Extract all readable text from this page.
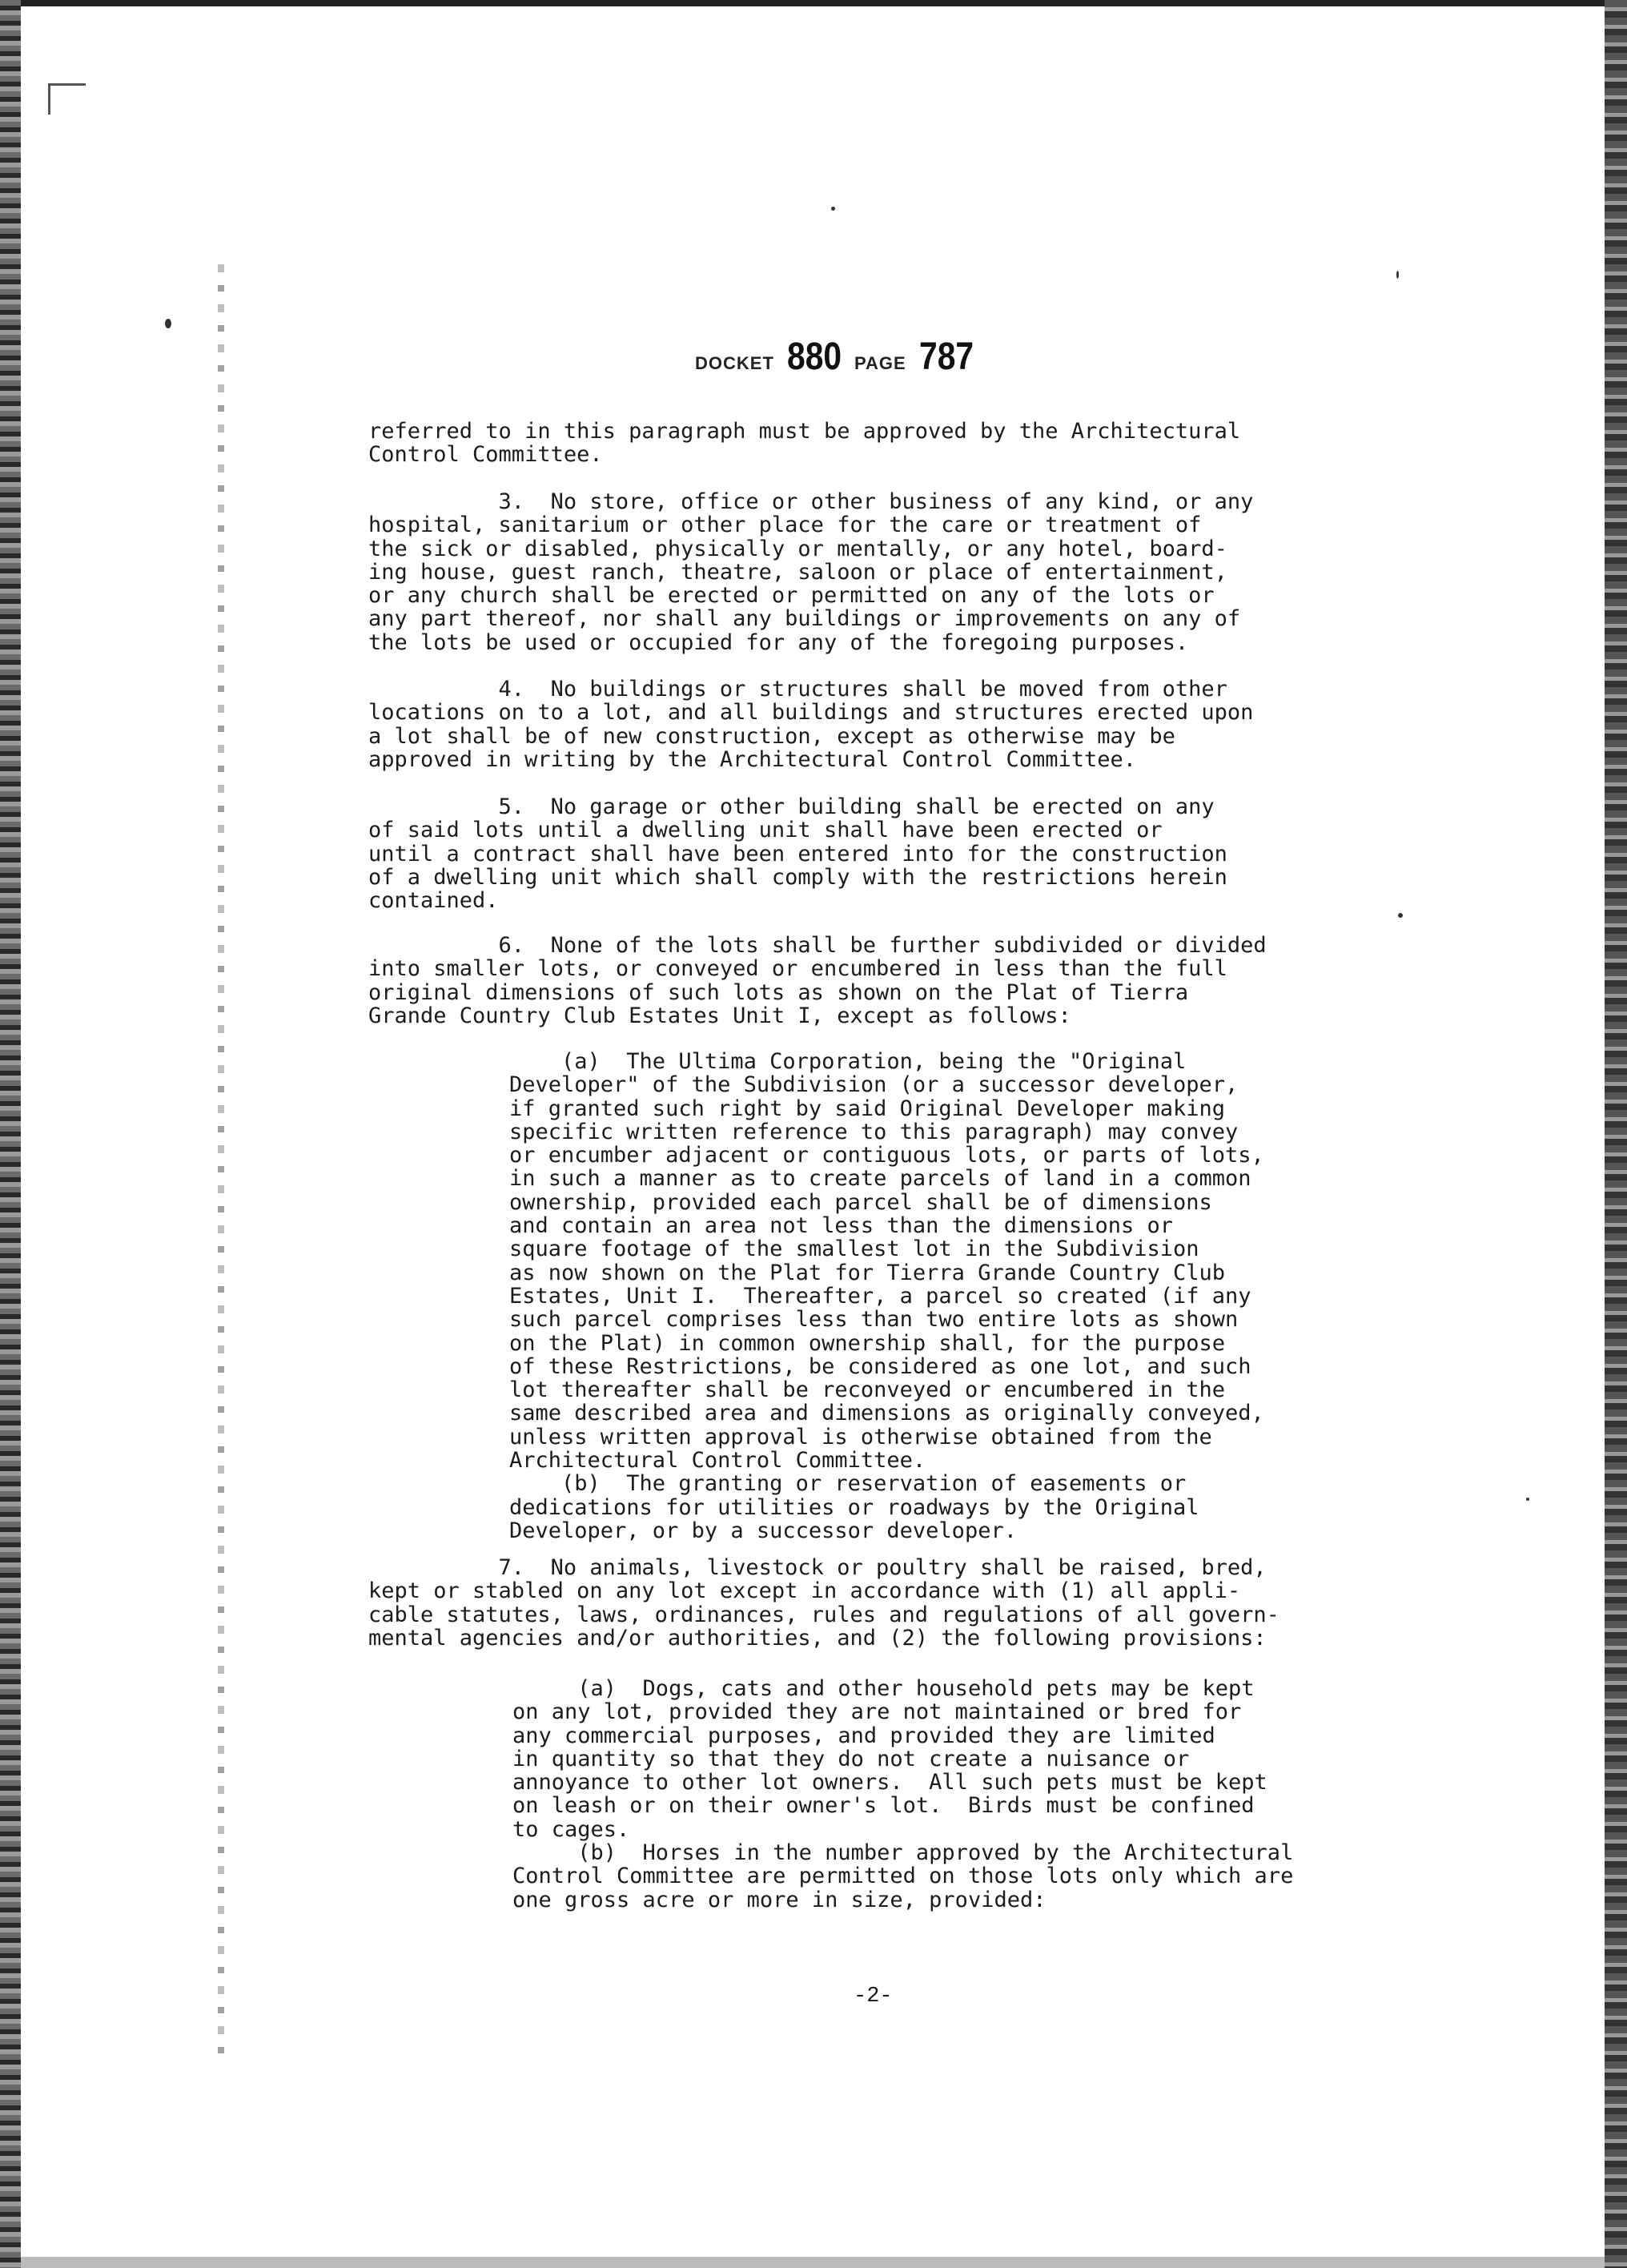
DOCKET 880 PAGE 787
referred to in this paragraph must be approved by the Architectural
Control Committee.
3.  No store, office or other business of any kind, or any
hospital, sanitarium or other place for the care or treatment of
the sick or disabled, physically or mentally, or any hotel, board-
ing house, guest ranch, theatre, saloon or place of entertainment,
or any church shall be erected or permitted on any of the lots or
any part thereof, nor shall any buildings or improvements on any of
the lots be used or occupied for any of the foregoing purposes.
4.  No buildings or structures shall be moved from other
locations on to a lot, and all buildings and structures erected upon
a lot shall be of new construction, except as otherwise may be
approved in writing by the Architectural Control Committee.
5.  No garage or other building shall be erected on any
of said lots until a dwelling unit shall have been erected or
until a contract shall have been entered into for the construction
of a dwelling unit which shall comply with the restrictions herein
contained.
6.  None of the lots shall be further subdivided or divided
into smaller lots, or conveyed or encumbered in less than the full
original dimensions of such lots as shown on the Plat of Tierra
Grande Country Club Estates Unit I, except as follows:
(a)  The Ultima Corporation, being the "Original
Developer" of the Subdivision (or a successor developer,
if granted such right by said Original Developer making
specific written reference to this paragraph) may convey
or encumber adjacent or contiguous lots, or parts of lots,
in such a manner as to create parcels of land in a common
ownership, provided each parcel shall be of dimensions
and contain an area not less than the dimensions or
square footage of the smallest lot in the Subdivision
as now shown on the Plat for Tierra Grande Country Club
Estates, Unit I.  Thereafter, a parcel so created (if any
such parcel comprises less than two entire lots as shown
on the Plat) in common ownership shall, for the purpose
of these Restrictions, be considered as one lot, and such
lot thereafter shall be reconveyed or encumbered in the
same described area and dimensions as originally conveyed,
unless written approval is otherwise obtained from the
Architectural Control Committee.
(b)  The granting or reservation of easements or
dedications for utilities or roadways by the Original
Developer, or by a successor developer.
7.  No animals, livestock or poultry shall be raised, bred,
kept or stabled on any lot except in accordance with (1) all appli-
cable statutes, laws, ordinances, rules and regulations of all govern-
mental agencies and/or authorities, and (2) the following provisions:
(a)  Dogs, cats and other household pets may be kept
on any lot, provided they are not maintained or bred for
any commercial purposes, and provided they are limited
in quantity so that they do not create a nuisance or
annoyance to other lot owners.  All such pets must be kept
on leash or on their owner's lot.  Birds must be confined
to cages.
(b)  Horses in the number approved by the Architectural
Control Committee are permitted on those lots only which are
one gross acre or more in size, provided:
-2-
